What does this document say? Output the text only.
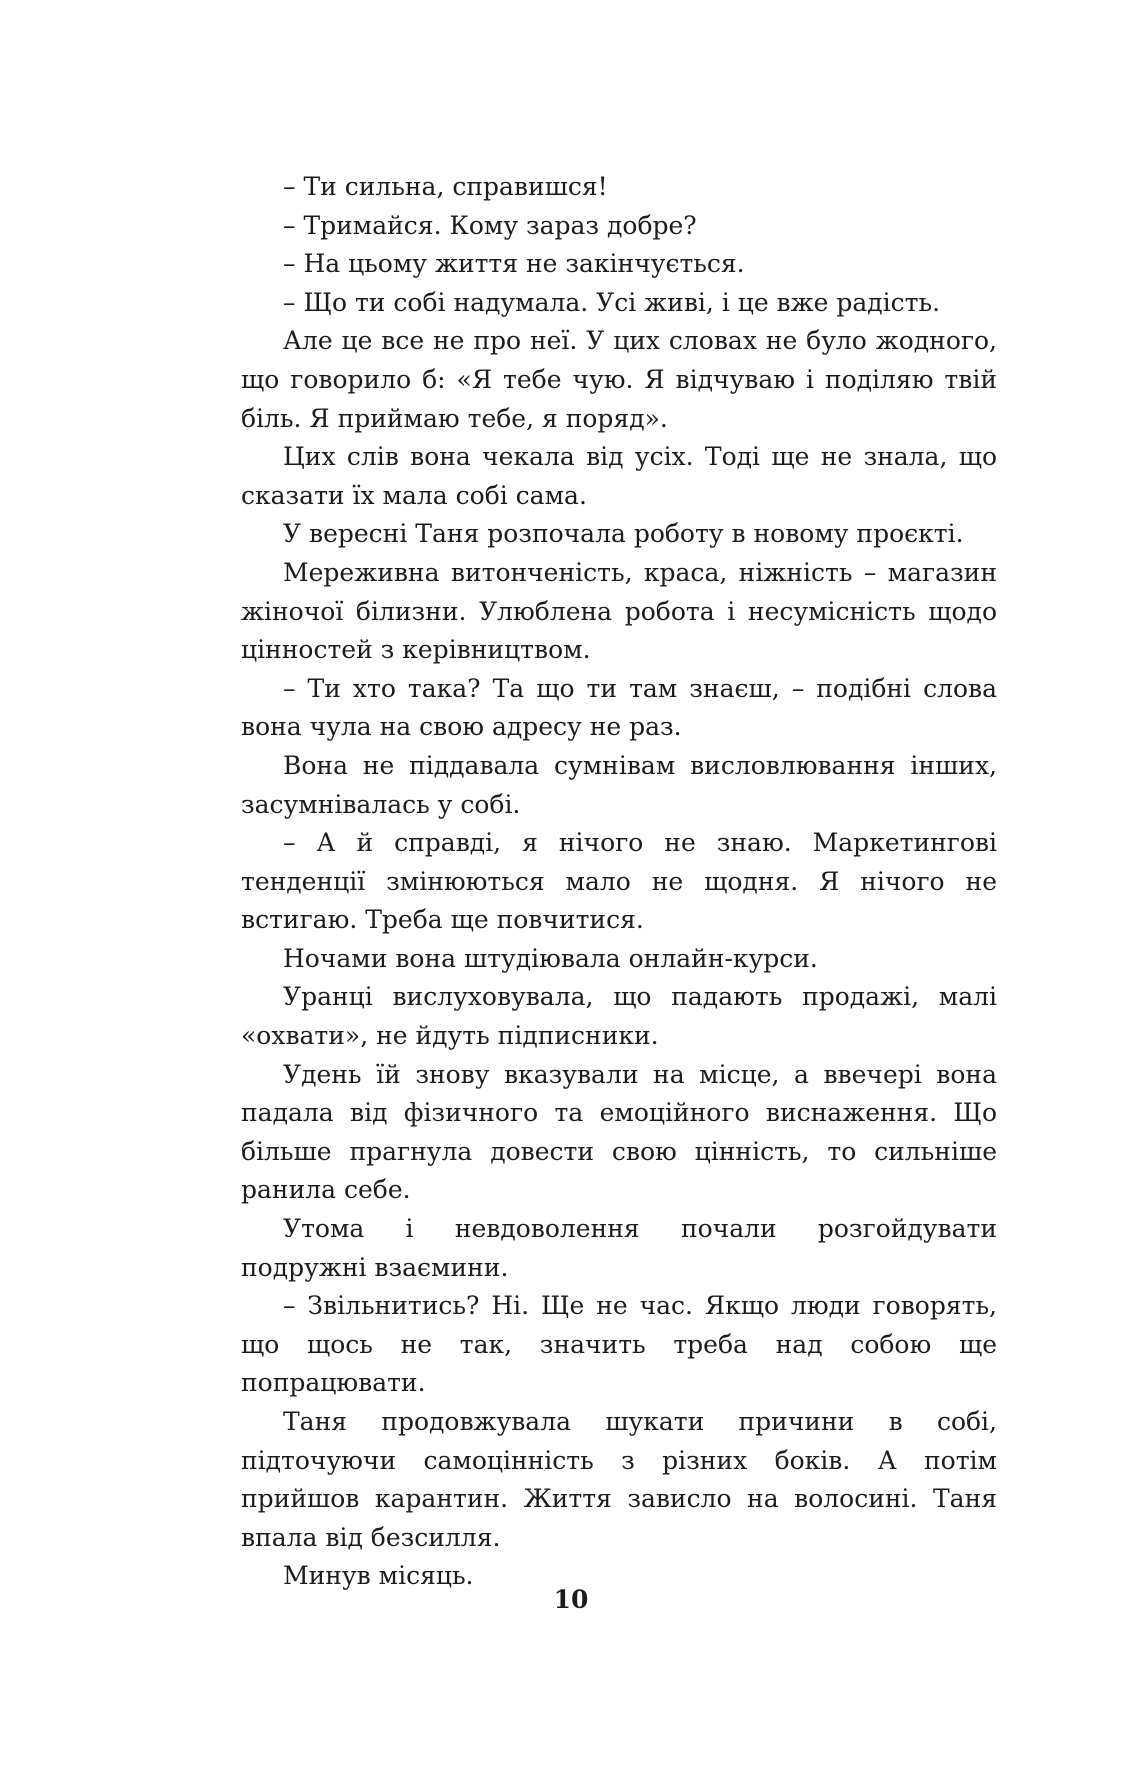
– Ти сильна, справишся!

– Тримайся. Кому зараз добре?

– На цьому життя не закінчується.

– Що ти собі надумала. Усі живі, і це вже радість.

Але це все не про неї. У цих словах не було жодного, що говорило б: «Я тебе чую. Я відчуваю і поділяю твій біль. Я приймаю тебе, я поряд».

Цих слів вона чекала від усіх. Тоді ще не знала, що сказати їх мала собі сама.

У вересні Таня розпочала роботу в новому проєкті.

Мереживна витонченість, краса, ніжність – магазин жіночої білизни. Улюблена робота і несумісність щодо цінностей з керівництвом.

– Ти хто така? Та що ти там знаєш, – подібні слова вона чула на свою адресу не раз.

Вона не піддавала сумнівам висловлювання інших, засумнівалась у собі.

– А й справді, я нічого не знаю. Маркетингові тенденції змінюються мало не щодня. Я нічого не встигаю. Треба ще повчитися.

Ночами вона штудіювала онлайн-курси.

Уранці вислуховувала, що падають продажі, малі «охвати», не йдуть підписники.

Удень їй знову вказували на місце, а ввечері вона падала від фізичного та емоційного виснаження. Що більше прагнула довести свою цінність, то сильніше ранила себе.

Утома і невдоволення почали розгойдувати подружні взаємини.

– Звільнитись? Ні. Ще не час. Якщо люди говорять, що щось не так, значить треба над собою ще попрацювати.

Таня продовжувала шукати причини в собі, підточуючи самоцінність з різних боків. А потім прийшов карантин. Життя зависло на волосині. Таня впала від безсилля.

Минув місяць.

10
